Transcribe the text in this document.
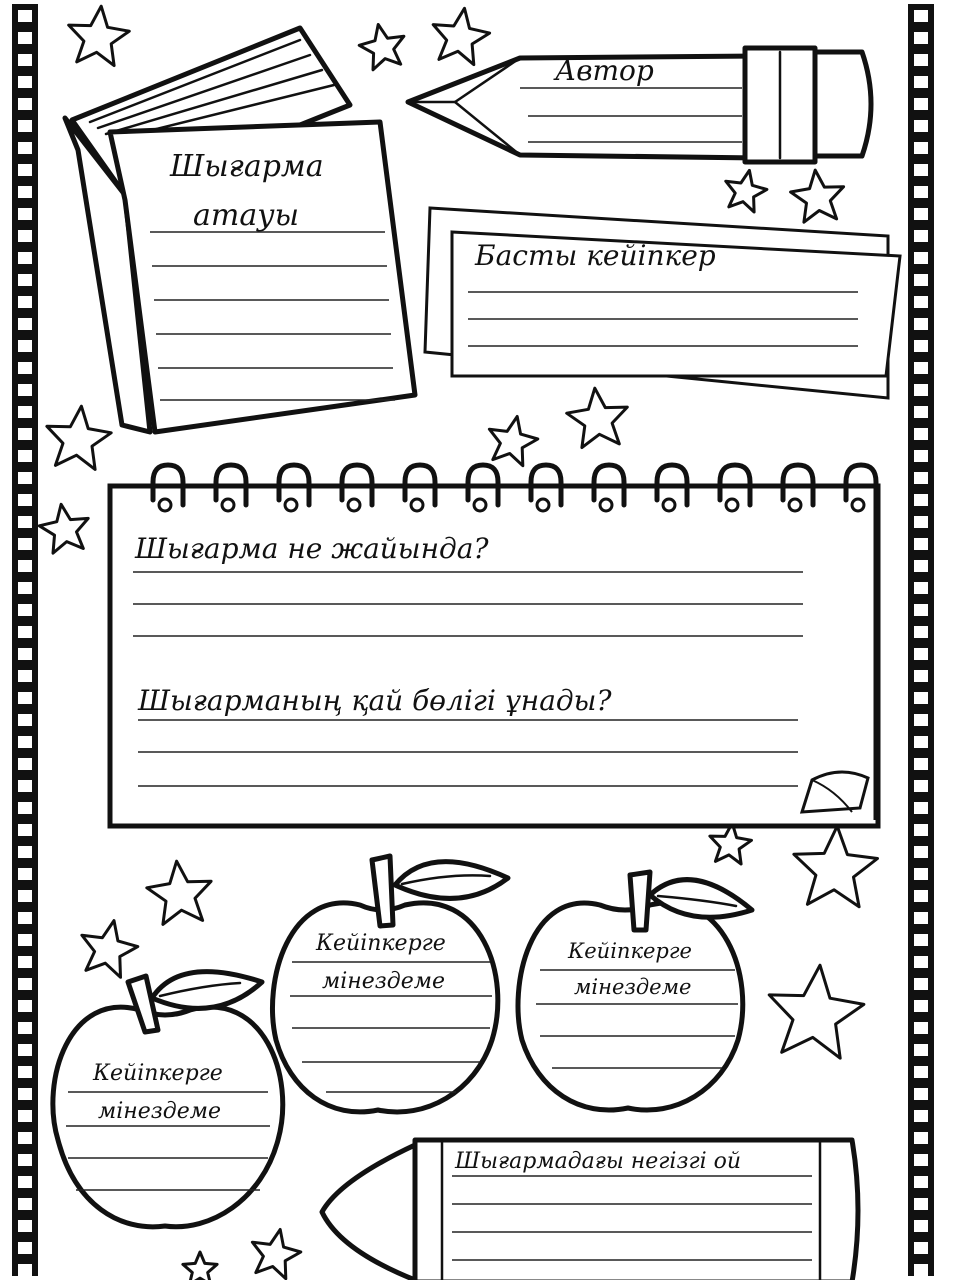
Шығарма
атауы
Автор
Басты кейіпкер
Шығарма не жайында?
Шығарманың қай бөлігі ұнады?
Кейіпкерге
мінездеме
Кейіпкерге
мінездеме
Кейіпкерге
мінездеме
Шығармадағы негізгі ой
